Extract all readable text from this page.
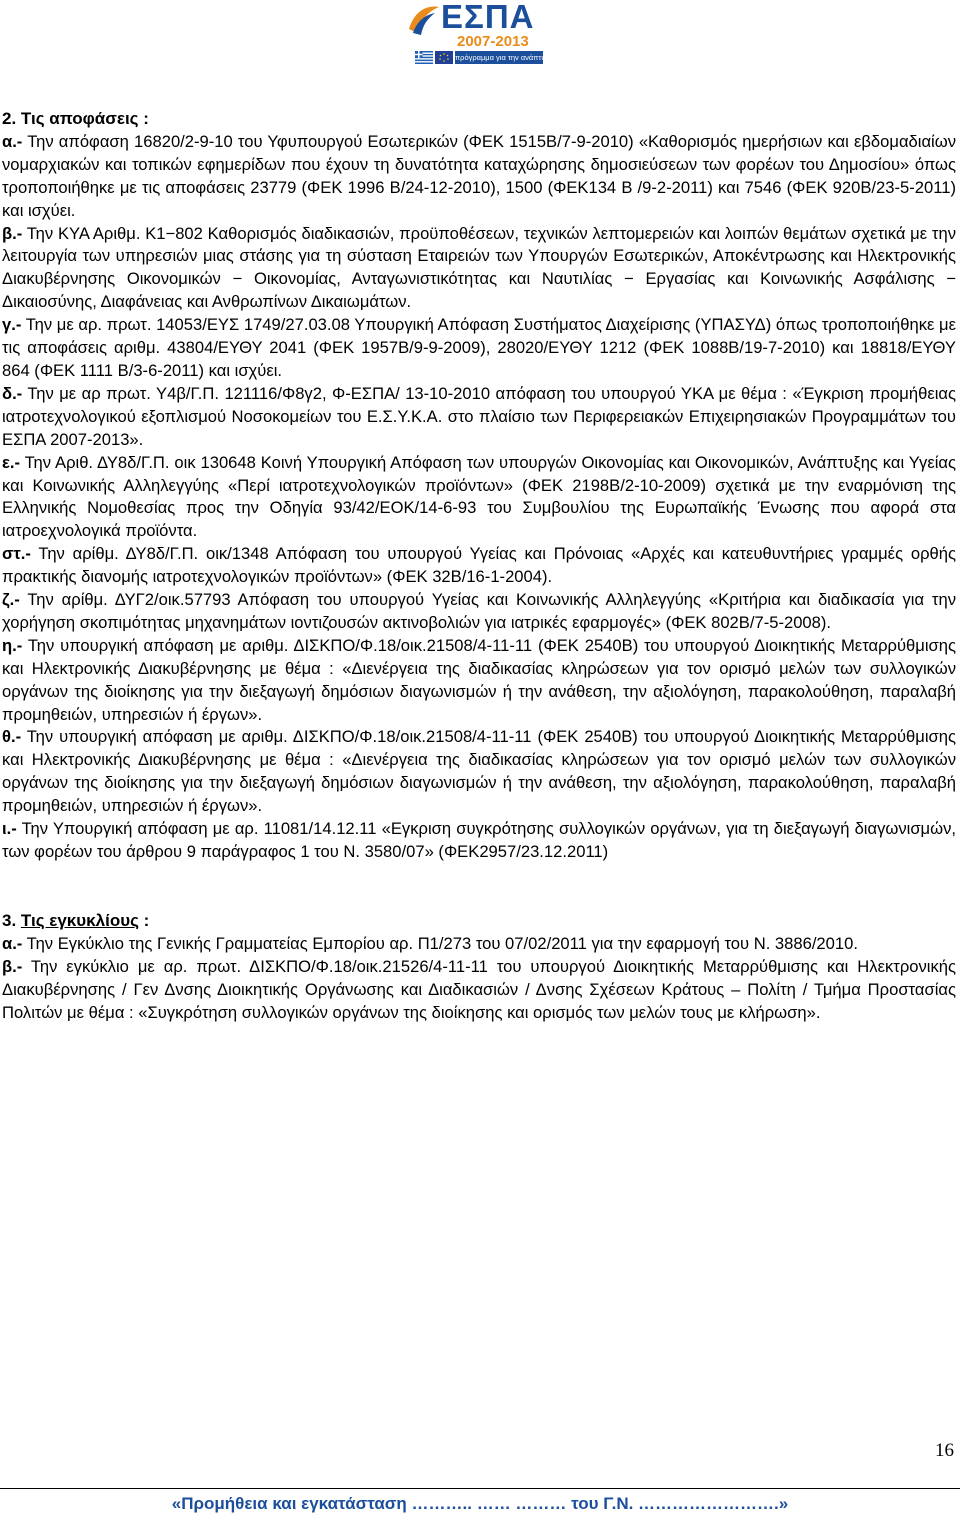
ΕΣΠΑ
2007-2013
πρόγραμμα για την ανάπτυξη

2. Τις αποφάσεις :

α.- Την απόφαση 16820/2-9-10 του Υφυπουργού Εσωτερικών (ΦΕΚ 1515Β/7-9-2010) «Καθορισμός ημερήσιων και εβδομαδιαίων νομαρχιακών και τοπικών εφημερίδων που έχουν τη δυνατότητα καταχώρησης δημοσιεύσεων των φορέων του Δημοσίου» όπως τροποποιήθηκε με τις αποφάσεις 23779 (ΦΕΚ 1996 Β/24-12-2010), 1500 (ΦΕΚ134 Β /9-2-2011) και 7546 (ΦΕΚ 920Β/23-5-2011) και ισχύει.

β.- Την ΚΥΑ Αριθμ. Κ1−802 Καθορισμός διαδικασιών, προϋποθέσεων, τεχνικών λεπτομερειών και λοιπών θεμάτων σχετικά με την λειτουργία των υπηρεσιών μιας στάσης για τη σύσταση Εταιρειών των Υπουργών Εσωτερικών, Αποκέντρωσης και Ηλεκτρονικής Διακυβέρνησης Οικονομικών − Οικονομίας, Ανταγωνιστικότητας και Ναυτιλίας − Εργασίας και Κοινωνικής Ασφάλισης − Δικαιοσύνης, Διαφάνειας και Ανθρωπίνων Δικαιωμάτων.

γ.- Την με αρ. πρωτ. 14053/ΕΥΣ 1749/27.03.08 Υπουργική Απόφαση Συστήματος Διαχείρισης (ΥΠΑΣΥΔ) όπως τροποποιήθηκε με τις αποφάσεις αριθμ. 43804/ΕΥΘΥ 2041 (ΦΕΚ 1957Β/9-9-2009), 28020/ΕΥΘΥ 1212 (ΦΕΚ 1088Β/19-7-2010) και 18818/ΕΥΘΥ 864 (ΦΕΚ 1111 Β/3-6-2011) και ισχύει.

δ.- Την με αρ πρωτ. Υ4β/Γ.Π. 121116/Φ8γ2, Φ-ΕΣΠΑ/ 13-10-2010 απόφαση του υπουργού ΥΚΑ με θέμα : «Έγκριση προμήθειας ιατροτεχνολογικού εξοπλισμού Νοσοκομείων του Ε.Σ.Υ.Κ.Α. στο πλαίσιο των Περιφερειακών Επιχειρησιακών Προγραμμάτων του ΕΣΠΑ 2007-2013».

ε.- Την Αριθ. ΔΥ8δ/Γ.Π. οικ 130648 Κοινή Υπουργική Απόφαση των υπουργών Οικονομίας και Οικονομικών, Ανάπτυξης και Υγείας και Κοινωνικής Αλληλεγγύης «Περί ιατροτεχνολογικών προϊόντων» (ΦΕΚ 2198Β/2-10-2009) σχετικά με την εναρμόνιση της Ελληνικής Νομοθεσίας προς την Οδηγία 93/42/ΕΟΚ/14-6-93 του Συμβουλίου της Ευρωπαϊκής Ένωσης που αφορά στα ιατροεχνολογικά προϊόντα.

στ.- Την αρίθμ. ΔΥ8δ/Γ.Π. οικ/1348 Απόφαση του υπουργού Υγείας και Πρόνοιας «Αρχές και κατευθυντήριες γραμμές ορθής πρακτικής διανομής ιατροτεχνολογικών προϊόντων» (ΦΕΚ 32Β/16-1-2004).

ζ.- Την αρίθμ. ΔΥΓ2/οικ.57793 Απόφαση του υπουργού Υγείας και Κοινωνικής Αλληλεγγύης «Κριτήρια και διαδικασία για την χορήγηση σκοπιμότητας μηχανημάτων ιοντιζουσών ακτινοβολιών για ιατρικές εφαρμογές» (ΦΕΚ 802Β/7-5-2008).

η.- Την υπουργική απόφαση με αριθμ. ΔΙΣΚΠΟ/Φ.18/οικ.21508/4-11-11 (ΦΕΚ 2540Β) του υπουργού Διοικητικής Μεταρρύθμισης και Ηλεκτρονικής Διακυβέρνησης με θέμα : «Διενέργεια της διαδικασίας κληρώσεων για τον ορισμό μελών των συλλογικών οργάνων της διοίκησης για την διεξαγωγή δημόσιων διαγωνισμών ή την ανάθεση, την αξιολόγηση, παρακολούθηση, παραλαβή προμηθειών, υπηρεσιών ή έργων».

θ.- Την υπουργική απόφαση με αριθμ. ΔΙΣΚΠΟ/Φ.18/οικ.21508/4-11-11 (ΦΕΚ 2540Β) του υπουργού Διοικητικής Μεταρρύθμισης και Ηλεκτρονικής Διακυβέρνησης με θέμα : «Διενέργεια της διαδικασίας κληρώσεων για τον ορισμό μελών των συλλογικών οργάνων της διοίκησης για την διεξαγωγή δημόσιων διαγωνισμών ή την ανάθεση, την αξιολόγηση, παρακολούθηση, παραλαβή προμηθειών, υπηρεσιών ή έργων».

ι.- Την Υπουργική απόφαση με αρ. 11081/14.12.11 «Εγκριση συγκρότησης συλλογικών οργάνων, για τη διεξαγωγή διαγωνισμών, των φορέων του άρθρου 9 παράγραφος 1 του Ν. 3580/07» (ΦΕΚ2957/23.12.2011)

3. Τις εγκυκλίους :

α.- Την Εγκύκλιο της Γενικής Γραμματείας Εμπορίου αρ. Π1/273 του 07/02/2011 για την εφαρμογή του Ν. 3886/2010.

β.- Την εγκύκλιο με αρ. πρωτ. ΔΙΣΚΠΟ/Φ.18/οικ.21526/4-11-11 του υπουργού Διοικητικής Μεταρρύθμισης και Ηλεκτρονικής Διακυβέρνησης / Γεν Δνσης Διοικητικής Οργάνωσης και Διαδικασιών / Δνσης Σχέσεων Κράτους – Πολίτη / Τμήμα Προστασίας Πολιτών με θέμα : «Συγκρότηση συλλογικών οργάνων της διοίκησης και ορισμός των μελών τους με κλήρωση».

16
«Προμήθεια και εγκατάσταση ……….. …… ……… του Γ.Ν. …………………….»
